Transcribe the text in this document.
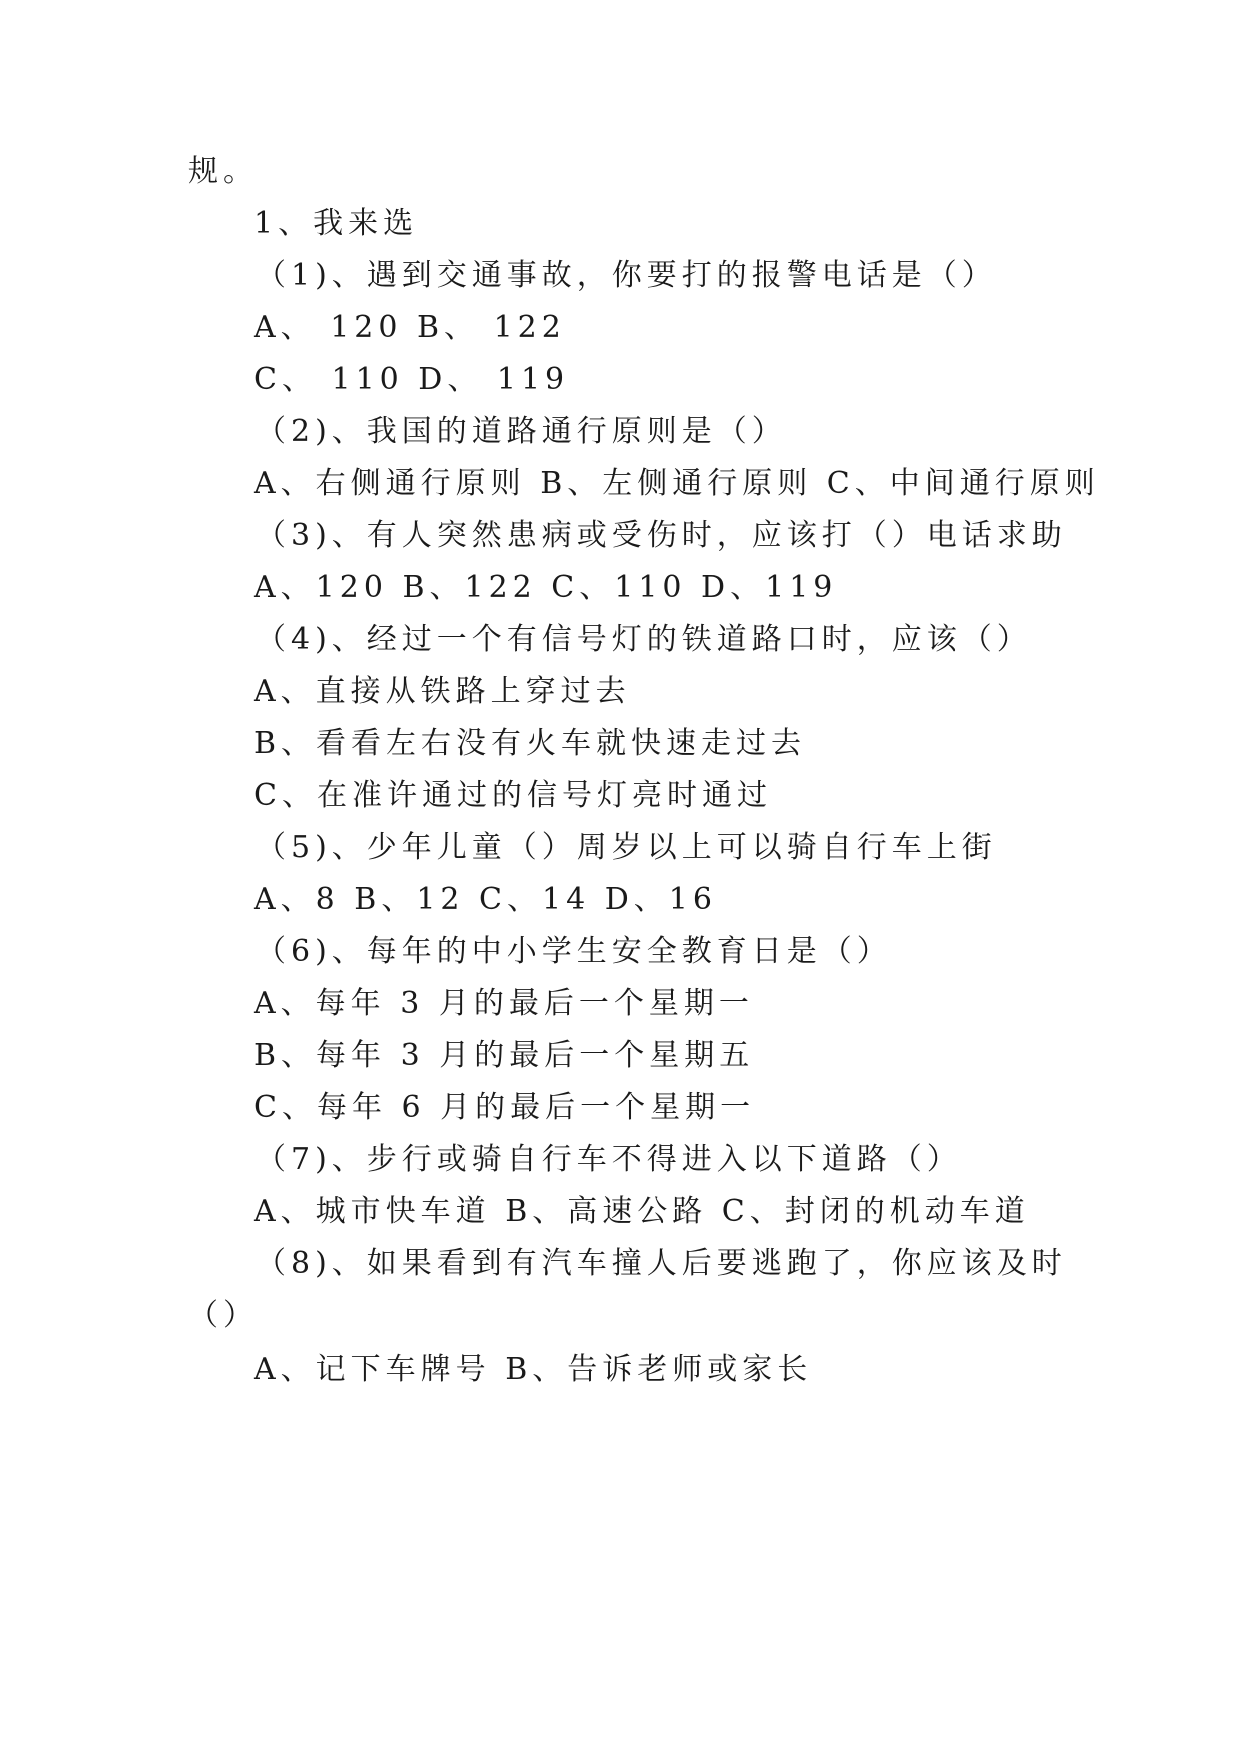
规。
1、我来选
（1)、遇到交通事故，你要打的报警电话是（）
A、 120 B、 122
C、 110 D、 119
（2)、我国的道路通行原则是（）
A、右侧通行原则 B、左侧通行原则 C、中间通行原则
（3)、有人突然患病或受伤时，应该打（）电话求助
A、120 B、122 C、110 D、119
（4)、经过一个有信号灯的铁道路口时，应该（）
A、直接从铁路上穿过去
B、看看左右没有火车就快速走过去
C、在准许通过的信号灯亮时通过
（5)、少年儿童（）周岁以上可以骑自行车上街
A、8 B、12 C、14 D、16
（6)、每年的中小学生安全教育日是（）
A、每年 3 月的最后一个星期一
B、每年 3 月的最后一个星期五
C、每年 6 月的最后一个星期一
（7)、步行或骑自行车不得进入以下道路（）
A、城市快车道 B、高速公路 C、封闭的机动车道
（8)、如果看到有汽车撞人后要逃跑了，你应该及时
（）
A、记下车牌号 B、告诉老师或家长
